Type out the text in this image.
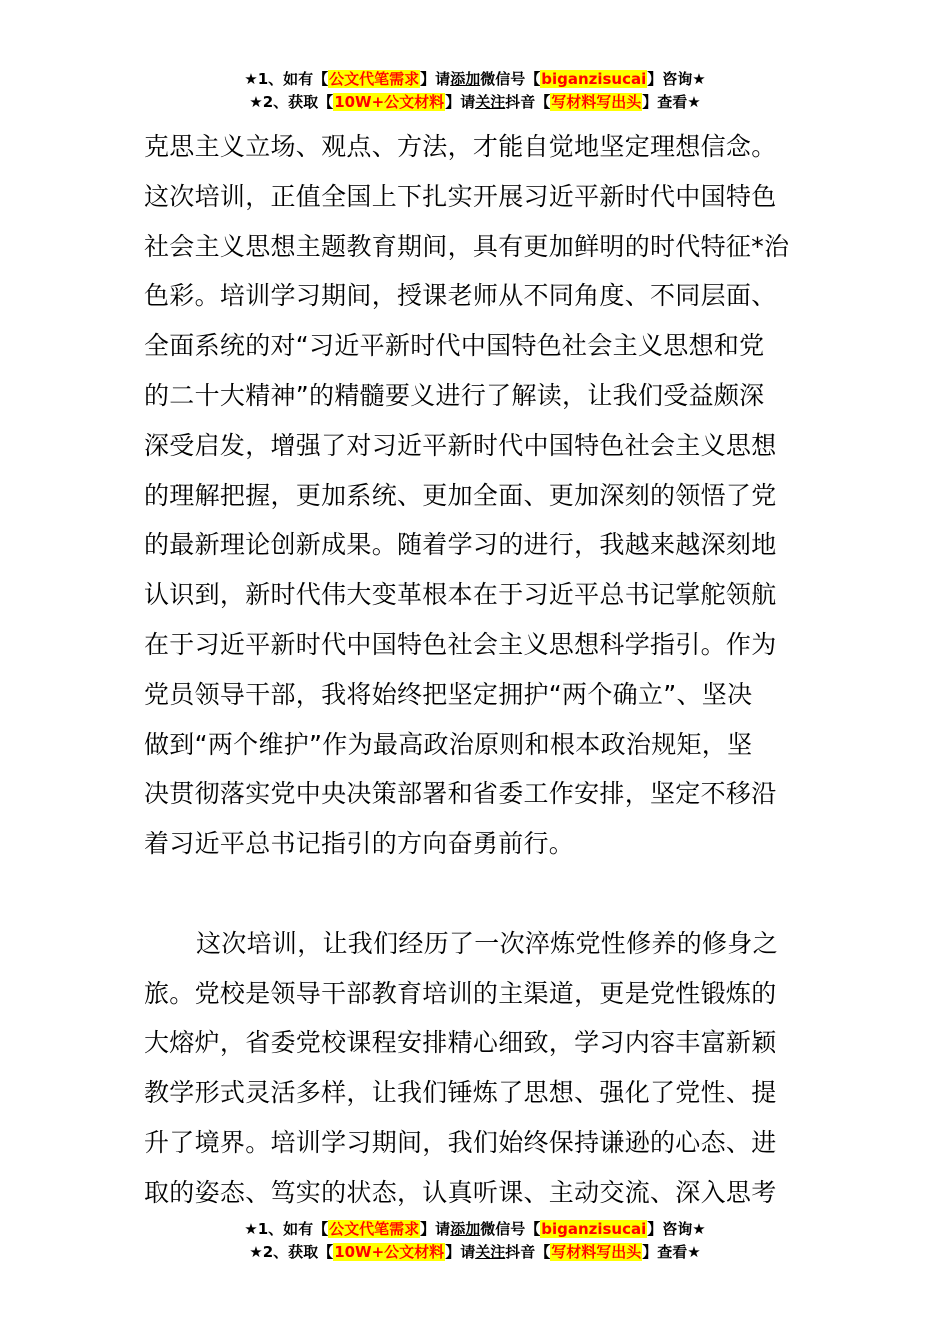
★1、如有【公文代笔需求】请添加微信号【biganzisucai】咨询★
★2、获取【10W+公文材料】请关注抖音【写材料写出头】查看★
克思主义立场、观点、方法，才能自觉地坚定理想信念。
这次培训，正值全国上下扎实开展习近平新时代中国特色
社会主义思想主题教育期间，具有更加鲜明的时代特征*治
色彩。培训学习期间，授课老师从不同角度、不同层面、
全面系统的对“习近平新时代中国特色社会主义思想和党
的二十大精神”的精髓要义进行了解读，让我们受益颇深
深受启发，增强了对习近平新时代中国特色社会主义思想
的理解把握，更加系统、更加全面、更加深刻的领悟了党
的最新理论创新成果。随着学习的进行，我越来越深刻地
认识到，新时代伟大变革根本在于习近平总书记掌舵领航
在于习近平新时代中国特色社会主义思想科学指引。作为
党员领导干部，我将始终把坚定拥护“两个确立”、坚决
做到“两个维护”作为最高政治原则和根本政治规矩，坚
决贯彻落实党中央决策部署和省委工作安排，坚定不移沿
着习近平总书记指引的方向奋勇前行。
这次培训，让我们经历了一次淬炼党性修养的修身之
旅。党校是领导干部教育培训的主渠道，更是党性锻炼的
大熔炉，省委党校课程安排精心细致，学习内容丰富新颖
教学形式灵活多样，让我们锤炼了思想、强化了党性、提
升了境界。培训学习期间，我们始终保持谦逊的心态、进
取的姿态、笃实的状态，认真听课、主动交流、深入思考
★1、如有【公文代笔需求】请添加微信号【biganzisucai】咨询★
★2、获取【10W+公文材料】请关注抖音【写材料写出头】查看★
